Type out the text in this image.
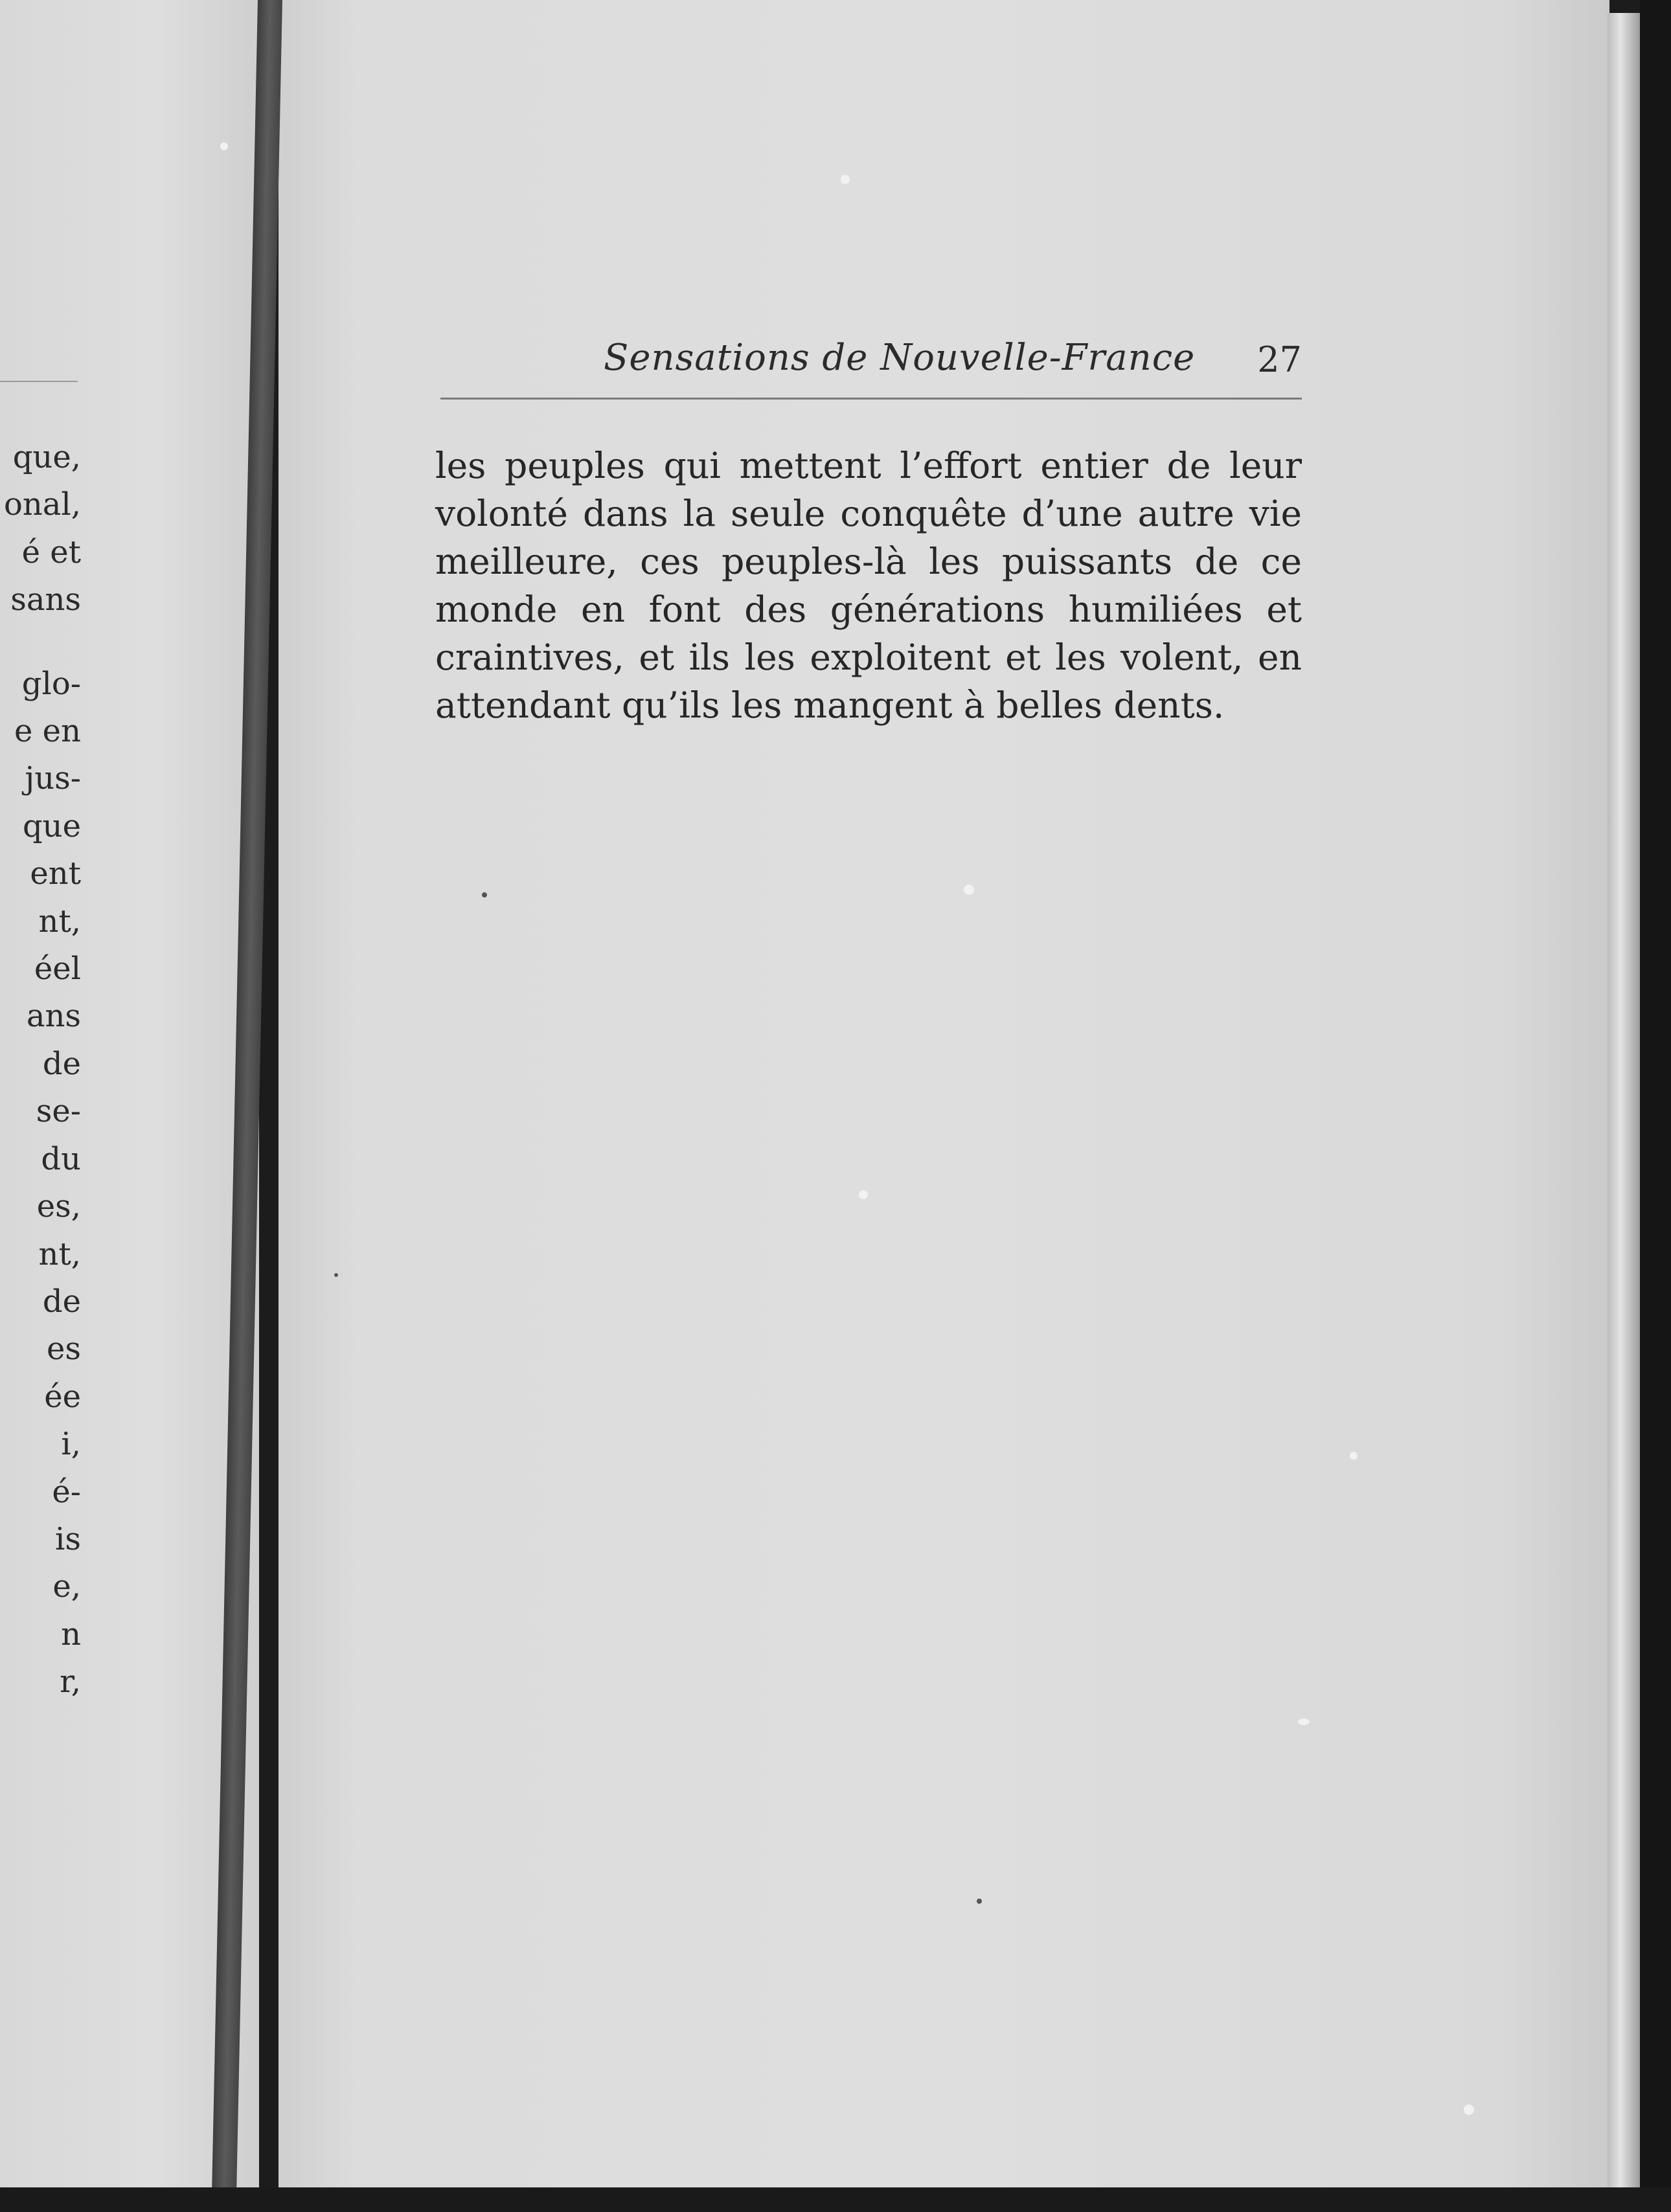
que,
onal,
é et
sans
glo-
e en
jus-
que
ent
nt,
éel
ans
de
se-
du
es,
nt,
de
es
ée
i,
é-
is
e,
n
r,
Sensations de Nouvelle-France 27
les peuples qui mettent l’effort entier de leur
volonté dans la seule conquête d’une autre vie
meilleure, ces peuples-là les puissants de ce
monde en font des générations humiliées et
craintives, et ils les exploitent et les volent, en
attendant qu’ils les mangent à belles dents.
